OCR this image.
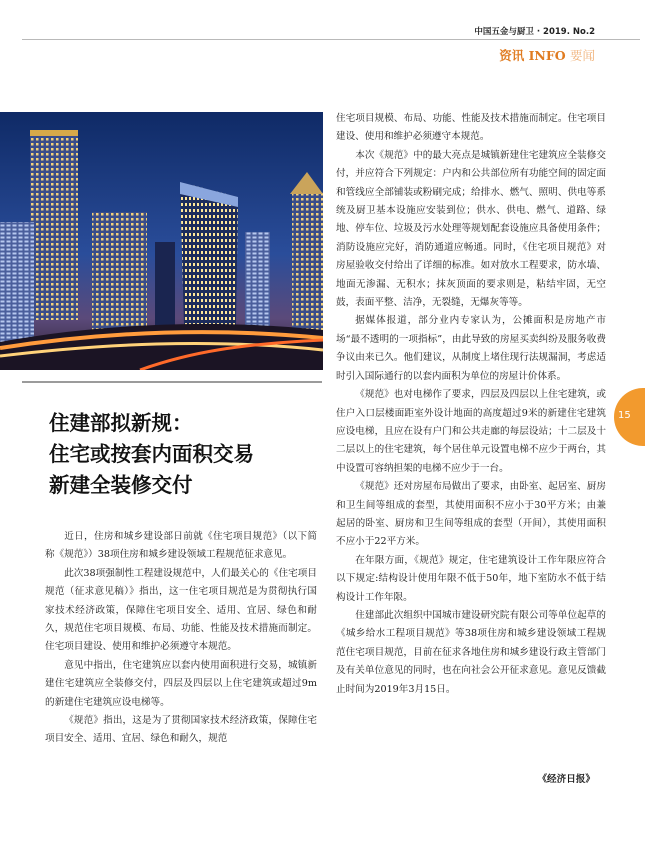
中国五金与厨卫 · 2019. No.2
资讯 INFO 要闻
住建部拟新规：
住宅或按套内面积交易
新建全装修交付

近日，住房和城乡建设部日前就《住宅项目规范》（以下简称《规范》）38项住房和城乡建设领域工程规范征求意见。

此次38项强制性工程建设规范中，人们最关心的《住宅项目规范（征求意见稿）》指出，这一住宅项目规范是为贯彻执行国家技术经济政策，保障住宅项目安全、适用、宜居、绿色和耐久，规范住宅项目规模、布局、功能、性能及技术措施而制定。住宅项目建设、使用和维护必须遵守本规范。

意见中指出，住宅建筑应以套内使用面积进行交易，城镇新建住宅建筑应全装修交付，四层及四层以上住宅建筑或超过9m的新建住宅建筑应设电梯等。

《规范》指出，这是为了贯彻国家技术经济政策，保障住宅项目安全、适用、宜居、绿色和耐久，规范

住宅项目规模、布局、功能、性能及技术措施而制定。住宅项目建设、使用和维护必须遵守本规范。

本次《规范》中的最大亮点是城镇新建住宅建筑应全装修交付，并应符合下列规定：户内和公共部位所有功能空间的固定面和管线应全部铺装或粉刷完成；给排水、燃气、照明、供电等系统及厨卫基本设施应安装到位；供水、供电、燃气、道路、绿地、停车位、垃圾及污水处理等规划配套设施应具备使用条件；消防设施应完好，消防通道应畅通。同时，《住宅项目规范》对房屋验收交付给出了详细的标准。如对放水工程要求，防水墙、地面无渗漏、无积水；抹灰顶面的要求则是，粘结牢固，无空鼓，表面平整、洁净，无裂缝，无爆灰等等。

据媒体报道，部分业内专家认为，公摊面积是房地产市场“最不透明的一项指标”，由此导致的房屋买卖纠纷及服务收费争议由来已久。他们建议，从制度上堵住现行法规漏洞，考虑适时引入国际通行的以套内面积为单位的房屋计价体系。

《规范》也对电梯作了要求，四层及四层以上住宅建筑，或住户入口层楼面距室外设计地面的高度超过9米的新建住宅建筑应设电梯，且应在设有户门和公共走廊的每层设站；十二层及十二层以上的住宅建筑，每个居住单元设置电梯不应少于两台，其中设置可容纳担架的电梯不应少于一台。

《规范》还对房屋布局做出了要求，由卧室、起居室、厨房和卫生间等组成的套型，其使用面积不应小于30平方米；由兼起居的卧室、厨房和卫生间等组成的套型（开间），其使用面积不应小于22平方米。

在年限方面，《规范》规定，住宅建筑设计工作年限应符合以下规定:结构设计使用年限不低于50年，地下室防水不低于结构设计工作年限。

住建部此次组织中国城市建设研究院有限公司等单位起草的《城乡给水工程项目规范》等38项住房和城乡建设领域工程规范住宅项目规范，目前在征求各地住房和城乡建设行政主管部门及有关单位意见的同时，也在向社会公开征求意见。意见反馈截止时间为2019年3月15日。

《经济日报》
15
